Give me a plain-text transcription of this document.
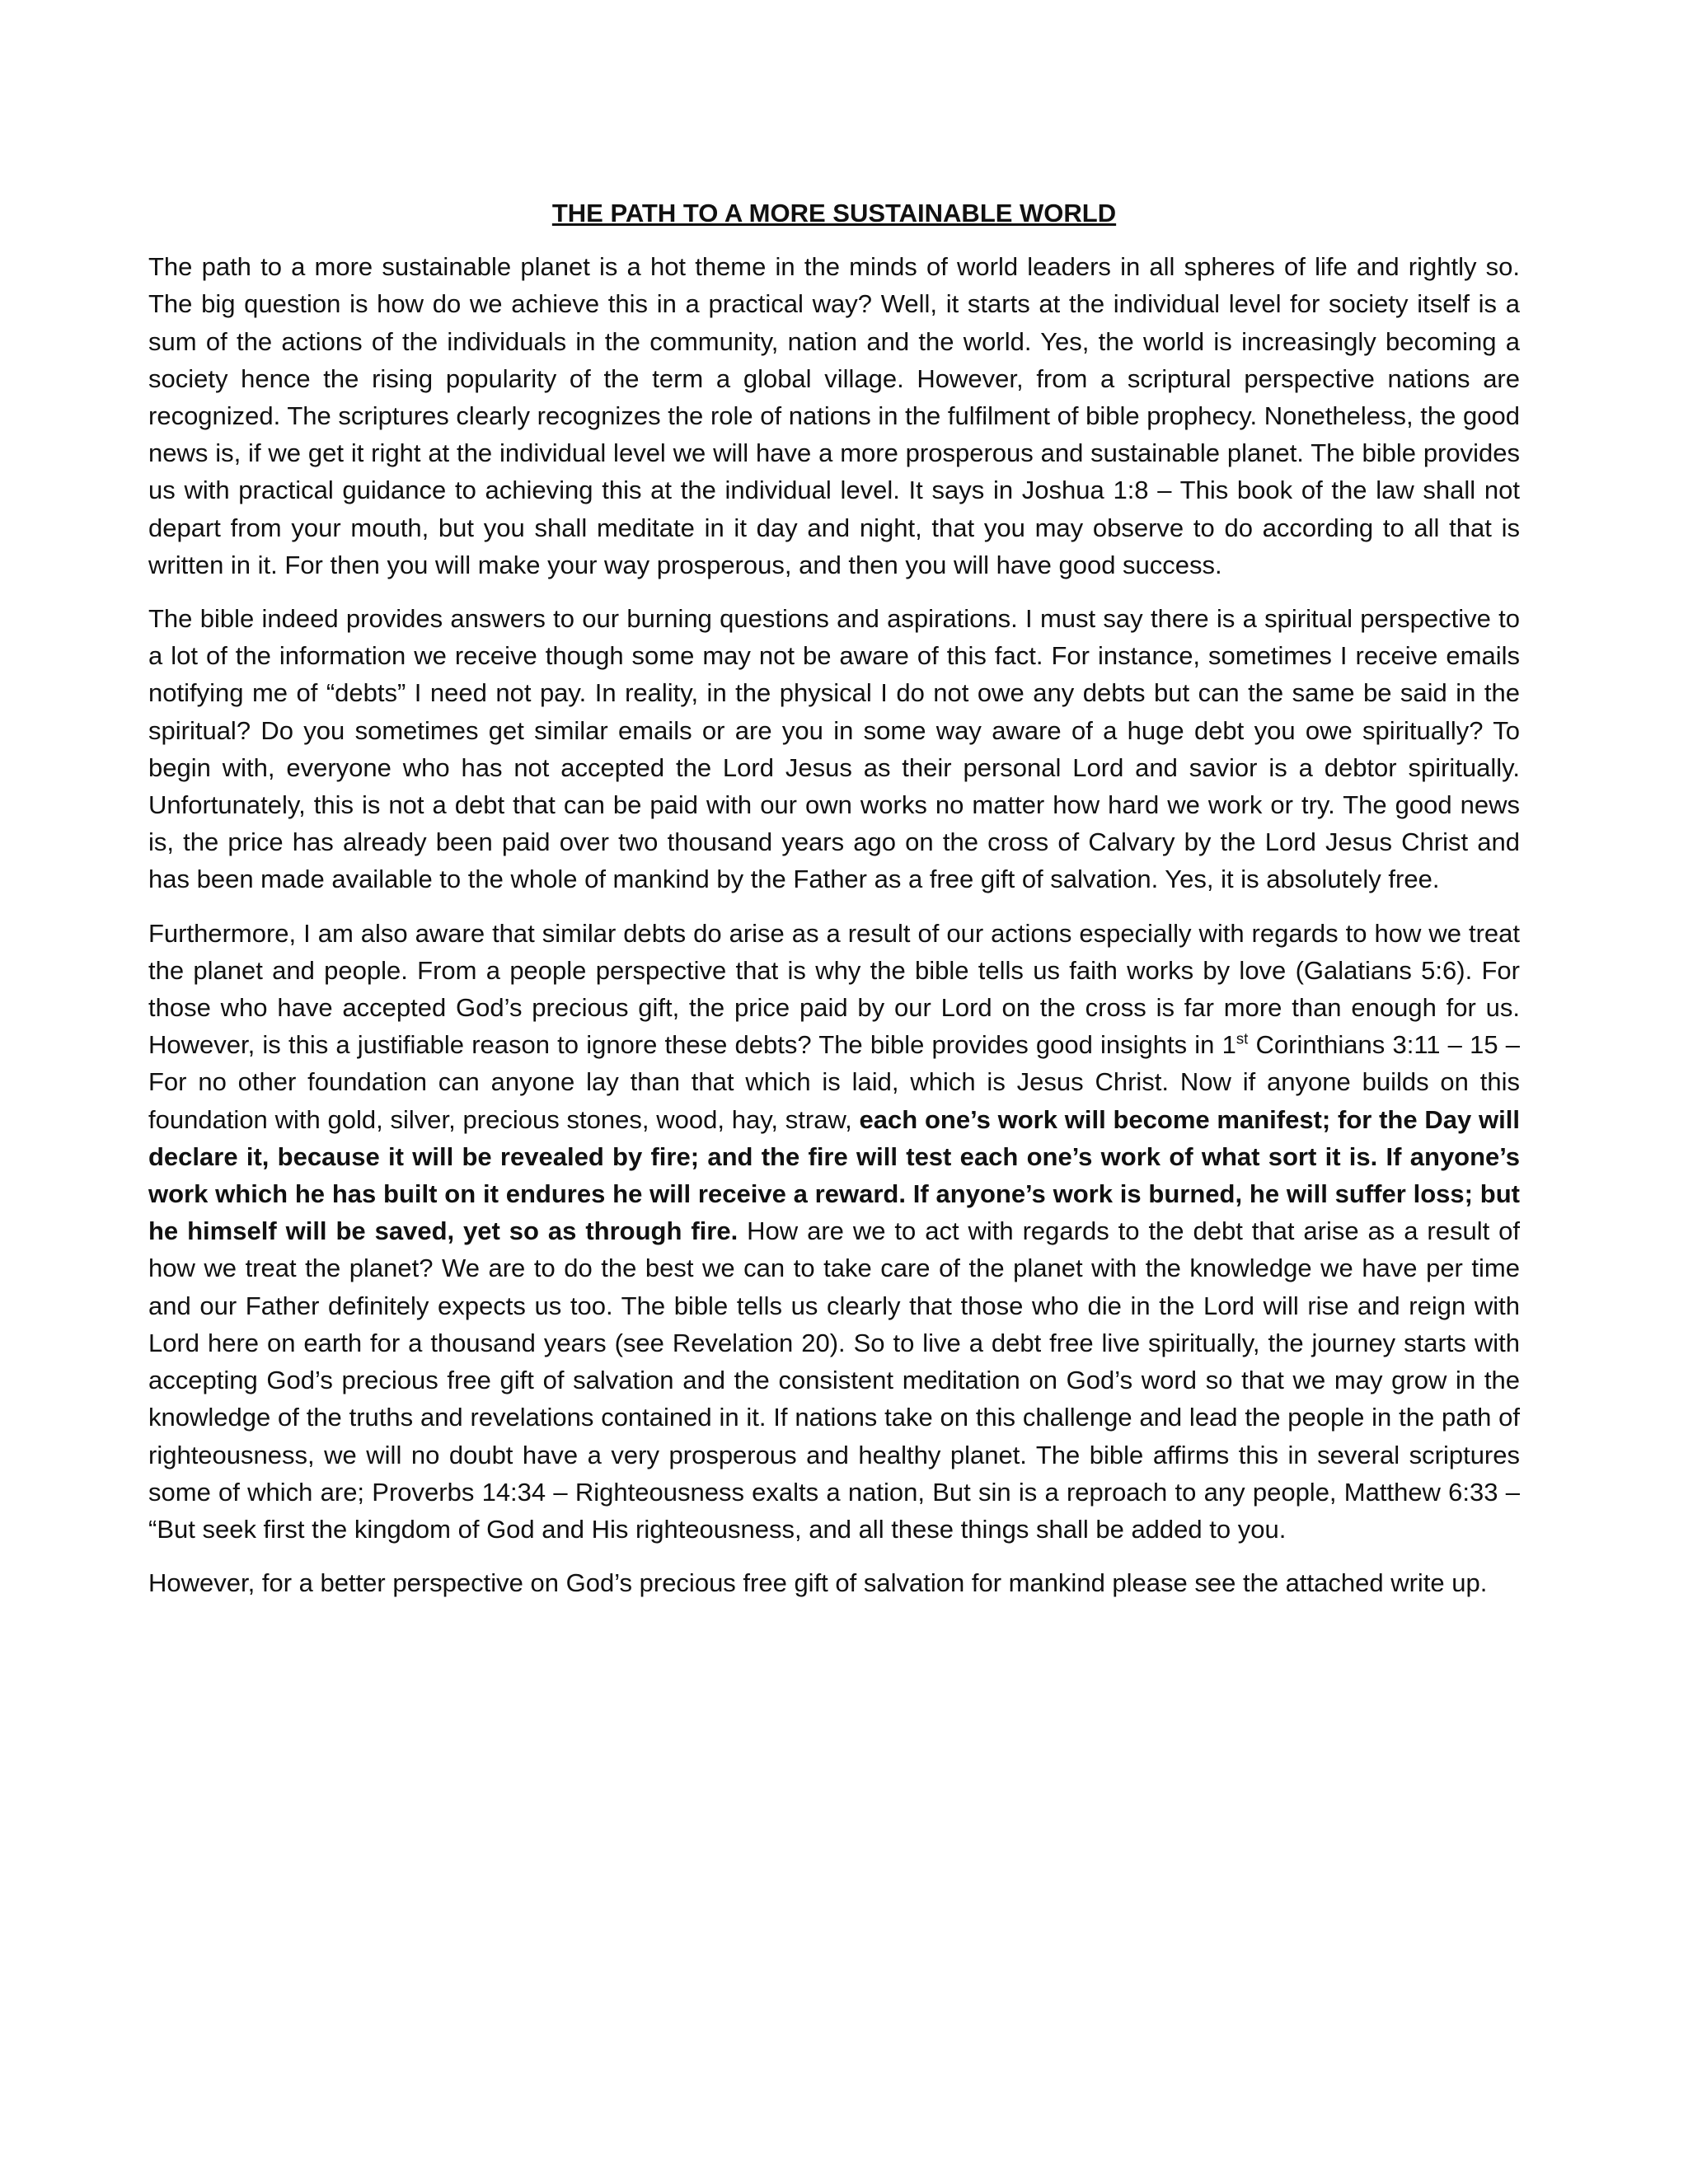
THE PATH TO A MORE SUSTAINABLE WORLD

The path to a more sustainable planet is a hot theme in the minds of world leaders in all spheres of life and rightly so. The big question is how do we achieve this in a practical way? Well, it starts at the individual level for society itself is a sum of the actions of the individuals in the community, nation and the world. Yes, the world is increasingly becoming a society hence the rising popularity of the term a global village. However, from a scriptural perspective nations are recognized. The scriptures clearly recognizes the role of nations in the fulfilment of bible prophecy. Nonetheless, the good news is, if we get it right at the individual level we will have a more prosperous and sustainable planet. The bible provides us with practical guidance to achieving this at the individual level. It says in Joshua 1:8 – This book of the law shall not depart from your mouth, but you shall meditate in it day and night, that you may observe to do according to all that is written in it. For then you will make your way prosperous, and then you will have good success.

The bible indeed provides answers to our burning questions and aspirations. I must say there is a spiritual perspective to a lot of the information we receive though some may not be aware of this fact. For instance, sometimes I receive emails notifying me of “debts” I need not pay. In reality, in the physical I do not owe any debts but can the same be said in the spiritual? Do you sometimes get similar emails or are you in some way aware of a huge debt you owe spiritually? To begin with, everyone who has not accepted the Lord Jesus as their personal Lord and savior is a debtor spiritually. Unfortunately, this is not a debt that can be paid with our own works no matter how hard we work or try. The good news is, the price has already been paid over two thousand years ago on the cross of Calvary by the Lord Jesus Christ and has been made available to the whole of mankind by the Father as a free gift of salvation. Yes, it is absolutely free.

Furthermore, I am also aware that similar debts do arise as a result of our actions especially with regards to how we treat the planet and people. From a people perspective that is why the bible tells us faith works by love (Galatians 5:6). For those who have accepted God’s precious gift, the price paid by our Lord on the cross is far more than enough for us. However, is this a justifiable reason to ignore these debts? The bible provides good insights in 1st Corinthians 3:11 – 15 – For no other foundation can anyone lay than that which is laid, which is Jesus Christ. Now if anyone builds on this foundation with gold, silver, precious stones, wood, hay, straw, each one’s work will become manifest; for the Day will declare it, because it will be revealed by fire; and the fire will test each one’s work of what sort it is. If anyone’s work which he has built on it endures he will receive a reward. If anyone’s work is burned, he will suffer loss; but he himself will be saved, yet so as through fire. How are we to act with regards to the debt that arise as a result of how we treat the planet? We are to do the best we can to take care of the planet with the knowledge we have per time and our Father definitely expects us too. The bible tells us clearly that those who die in the Lord will rise and reign with Lord here on earth for a thousand years (see Revelation 20). So to live a debt free live spiritually, the journey starts with accepting God’s precious free gift of salvation and the consistent meditation on God’s word so that we may grow in the knowledge of the truths and revelations contained in it. If nations take on this challenge and lead the people in the path of righteousness, we will no doubt have a very prosperous and healthy planet. The bible affirms this in several scriptures some of which are; Proverbs 14:34 – Righteousness exalts a nation, But sin is a reproach to any people, Matthew 6:33 – “But seek first the kingdom of God and His righteousness, and all these things shall be added to you.

However, for a better perspective on God’s precious free gift of salvation for mankind please see the attached write up.
